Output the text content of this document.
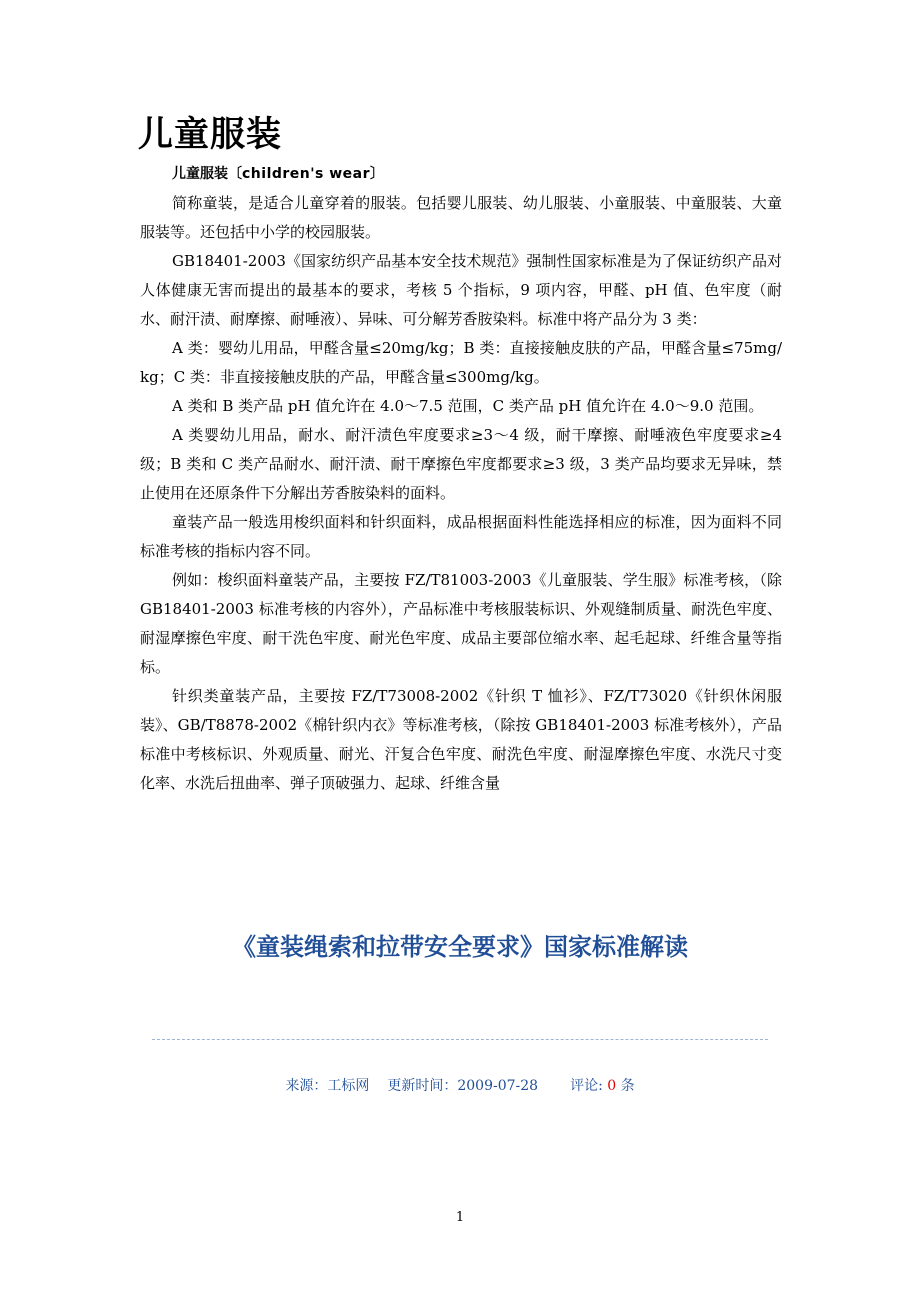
儿童服装

儿童服装〔children's wear〕

简称童装，是适合儿童穿着的服装。包括婴儿服装、幼儿服装、小童服装、中童服装、大童服装等。还包括中小学的校园服装。

GB18401-2003《国家纺织产品基本安全技术规范》强制性国家标准是为了保证纺织产品对人体健康无害而提出的最基本的要求，考核 5 个指标，9 项内容，甲醛、pH 值、色牢度（耐水、耐汗渍、耐摩擦、耐唾液）、异味、可分解芳香胺染料。标准中将产品分为 3 类：

A 类：婴幼儿用品，甲醛含量≤20mg/kg；B 类：直接接触皮肤的产品，甲醛含量≤75mg/kg；C 类：非直接接触皮肤的产品，甲醛含量≤300mg/kg。

A 类和 B 类产品 pH 值允许在 4.0～7.5 范围，C 类产品 pH 值允许在 4.0～9.0 范围。

A 类婴幼儿用品，耐水、耐汗渍色牢度要求≥3～4 级，耐干摩擦、耐唾液色牢度要求≥4 级；B 类和 C 类产品耐水、耐汗渍、耐干摩擦色牢度都要求≥3 级，3 类产品均要求无异味，禁止使用在还原条件下分解出芳香胺染料的面料。

童装产品一般选用梭织面料和针织面料，成品根据面料性能选择相应的标准，因为面料不同标准考核的指标内容不同。

例如：梭织面料童装产品，主要按 FZ/T81003-2003《儿童服装、学生服》标准考核，（除 GB18401-2003 标准考核的内容外），产品标准中考核服装标识、外观缝制质量、耐洗色牢度、耐湿摩擦色牢度、耐干洗色牢度、耐光色牢度、成品主要部位缩水率、起毛起球、纤维含量等指标。

针织类童装产品，主要按 FZ/T73008-2002《针织 T 恤衫》、FZ/T73020《针织休闲服装》、GB/T8878-2002《棉针织内衣》等标准考核，（除按 GB18401-2003 标准考核外），产品标准中考核标识、外观质量、耐光、汗复合色牢度、耐洗色牢度、耐湿摩擦色牢度、水洗尺寸变化率、水洗后扭曲率、弹子顶破强力、起球、纤维含量

《童装绳索和拉带安全要求》国家标准解读
来源：工标网 更新时间：2009-07-28 评论: 0 条
1
